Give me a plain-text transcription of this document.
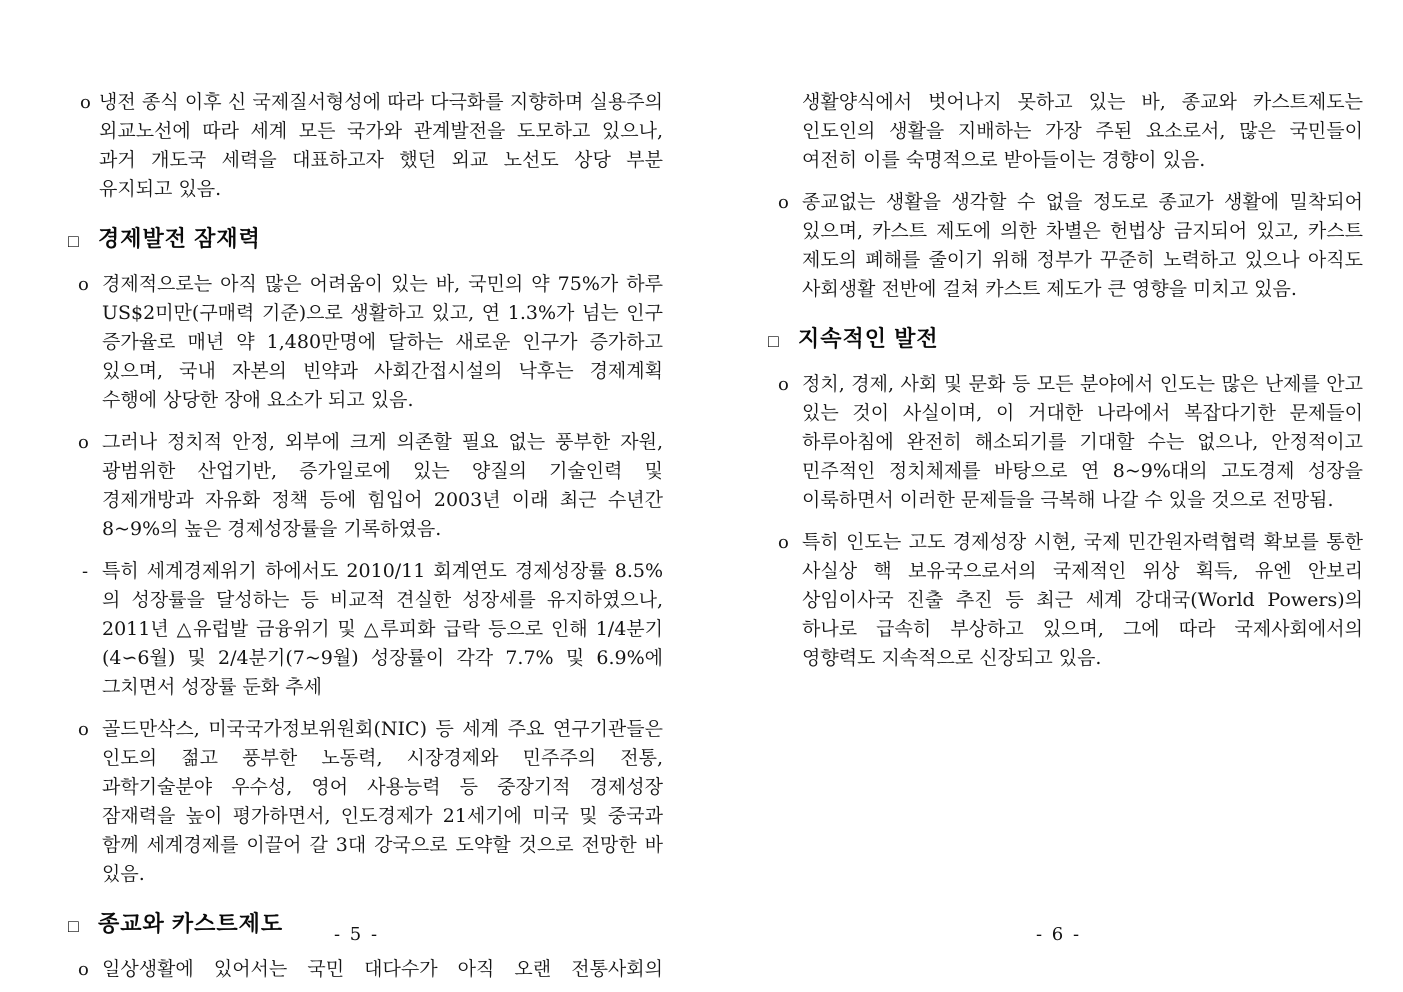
o 냉전 종식 이후 신 국제질서형성에 따라 다극화를 지향하며 실용주의 외교노선에 따라 세계 모든 국가와 관계발전을 도모하고 있으나, 과거 개도국 세력을 대표하고자 했던 외교 노선도 상당 부분 유지되고 있음.

□ 경제발전 잠재력

o 경제적으로는 아직 많은 어려움이 있는 바, 국민의 약 75%가 하루 US$2미만(구매력 기준)으로 생활하고 있고, 연 1.3%가 넘는 인구 증가율로 매년 약 1,480만명에 달하는 새로운 인구가 증가하고 있으며, 국내 자본의 빈약과 사회간접시설의 낙후는 경제계획 수행에 상당한 장애 요소가 되고 있음.

o 그러나 정치적 안정, 외부에 크게 의존할 필요 없는 풍부한 자원, 광범위한 산업기반, 증가일로에 있는 양질의 기술인력 및 경제개방과 자유화 정책 등에 힘입어 2003년 이래 최근 수년간 8~9%의 높은 경제성장률을 기록하였음.

- 특히 세계경제위기 하에서도 2010/11 회계연도 경제성장률 8.5%의 성장률을 달성하는 등 비교적 견실한 성장세를 유지하였으나, 2011년 △유럽발 금융위기 및 △루피화 급락 등으로 인해 1/4분기(4∽6월) 및 2/4분기(7~9월) 성장률이 각각 7.7% 및 6.9%에 그치면서 성장률 둔화 추세

o 골드만삭스, 미국국가정보위원회(NIC) 등 세계 주요 연구기관들은 인도의 젊고 풍부한 노동력, 시장경제와 민주주의 전통, 과학기술분야 우수성, 영어 사용능력 등 중장기적 경제성장 잠재력을 높이 평가하면서, 인도경제가 21세기에 미국 및 중국과 함께 세계경제를 이끌어 갈 3대 강국으로 도약할 것으로 전망한 바 있음.

□ 종교와 카스트제도

o 일상생활에 있어서는 국민 대다수가 아직 오랜 전통사회의

생활양식에서 벗어나지 못하고 있는 바, 종교와 카스트제도는 인도인의 생활을 지배하는 가장 주된 요소로서, 많은 국민들이 여전히 이를 숙명적으로 받아들이는 경향이 있음.

o 종교없는 생활을 생각할 수 없을 정도로 종교가 생활에 밀착되어 있으며, 카스트 제도에 의한 차별은 헌법상 금지되어 있고, 카스트 제도의 폐해를 줄이기 위해 정부가 꾸준히 노력하고 있으나 아직도 사회생활 전반에 걸쳐 카스트 제도가 큰 영향을 미치고 있음.

□ 지속적인 발전

o 정치, 경제, 사회 및 문화 등 모든 분야에서 인도는 많은 난제를 안고 있는 것이 사실이며, 이 거대한 나라에서 복잡다기한 문제들이 하루아침에 완전히 해소되기를 기대할 수는 없으나, 안정적이고 민주적인 정치체제를 바탕으로 연 8~9%대의 고도경제 성장을 이룩하면서 이러한 문제들을 극복해 나갈 수 있을 것으로 전망됨.

o 특히 인도는 고도 경제성장 시현, 국제 민간원자력협력 확보를 통한 사실상 핵 보유국으로서의 국제적인 위상 획득, 유엔 안보리 상임이사국 진출 추진 등 최근 세계 강대국(World Powers)의 하나로 급속히 부상하고 있으며, 그에 따라 국제사회에서의 영향력도 지속적으로 신장되고 있음.

- 5 -	- 6 -
